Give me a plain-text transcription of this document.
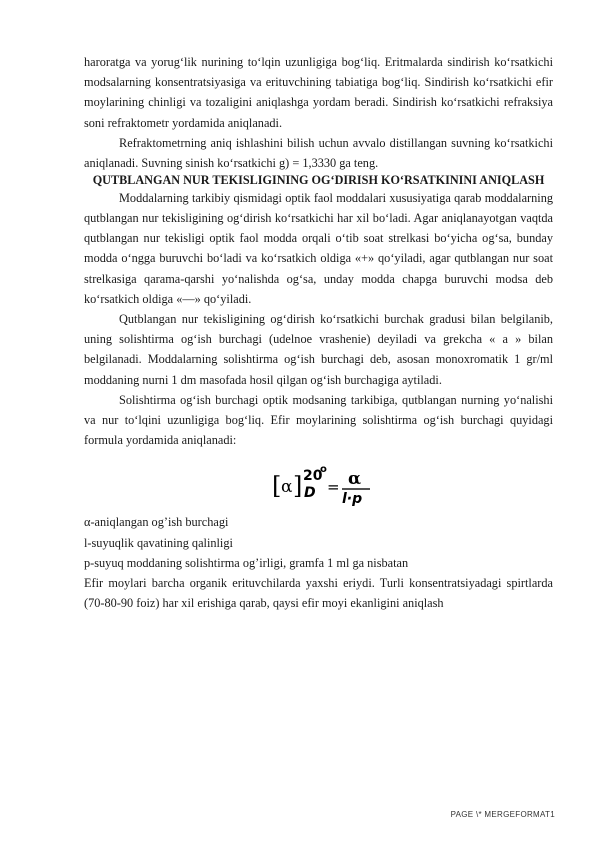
haroratga va yorug‘lik nurining to‘lqin uzunligiga bog‘liq. Eritmalarda sindirish ko‘rsatkichi modsalarning konsentratsiyasiga va erituvchining tabiatiga bog‘liq. Sindirish ko‘rsatkichi efir moylarining chinligi va tozaligini aniqlashga yordam beradi. Sindirish ko‘rsatkichi refraksiya soni refraktometr yordamida aniqlanadi.

Refraktometrning aniq ishlashini bilish uchun avvalo distillangan suvning ko‘rsatkichi aniqlanadi. Suvning sinish ko‘rsatkichi g) = 1,3330 ga teng.

QUTBLANGAN NUR TEKISLIGINING OG‘DIRISH KO‘RSATKININI ANIQLASH

Moddalarning tarkibiy qismidagi optik faol moddalari xususiyatiga qarab moddalarning qutblangan nur tekisligining og‘dirish ko‘rsatkichi har xil bo‘ladi. Agar aniqlanayotgan vaqtda qutblangan nur tekisligi optik faol modda orqali o‘tib soat strelkasi bo‘yicha og‘sa, bunday modda o‘ngga buruvchi bo‘ladi va ko‘rsatkich oldiga «+» qo‘yiladi, agar qutblangan nur soat strelkasiga qarama-qarshi yo‘nalishda og‘sa, unday modda chapga buruvchi modsa deb ko‘rsatkich oldiga «—» qo‘yiladi.

Qutblangan nur tekisligining og‘dirish ko‘rsatkichi burchak gradusi bilan belgilanib, uning solishtirma og‘ish burchagi (udelnoe vrashenie) deyiladi va grekcha « a » bilan belgilanadi. Moddalarning solishtirma og‘ish burchagi deb, asosan monoxromatik 1 gr/ml moddaning nurni 1 dm masofada hosil qilgan og‘ish burchagiga aytiladi.

Solishtirma og‘ish burchagi optik modsaning tarkibiga, qutblangan nurning yo‘nalishi va nur to‘lqini uzunligiga bog‘liq. Efir moylarining solishtirma og‘ish burchagi quyidagi formula yordamida aniqlanadi:

[ α ] 20
o
D = α
l·p

α-aniqlangan og’ish burchagi

l-suyuqlik qavatining qalinligi

p-suyuq moddaning solishtirma og’irligi, gramfa 1 ml ga nisbatan

Efir moylari barcha organik erituvchilarda yaxshi eriydi. Turli konsentratsiyadagi spirtlarda (70-80-90 foiz) har xil erishiga qarab, qaysi efir moyi ekanligini aniqlash

PAGE \* MERGEFORMAT1
